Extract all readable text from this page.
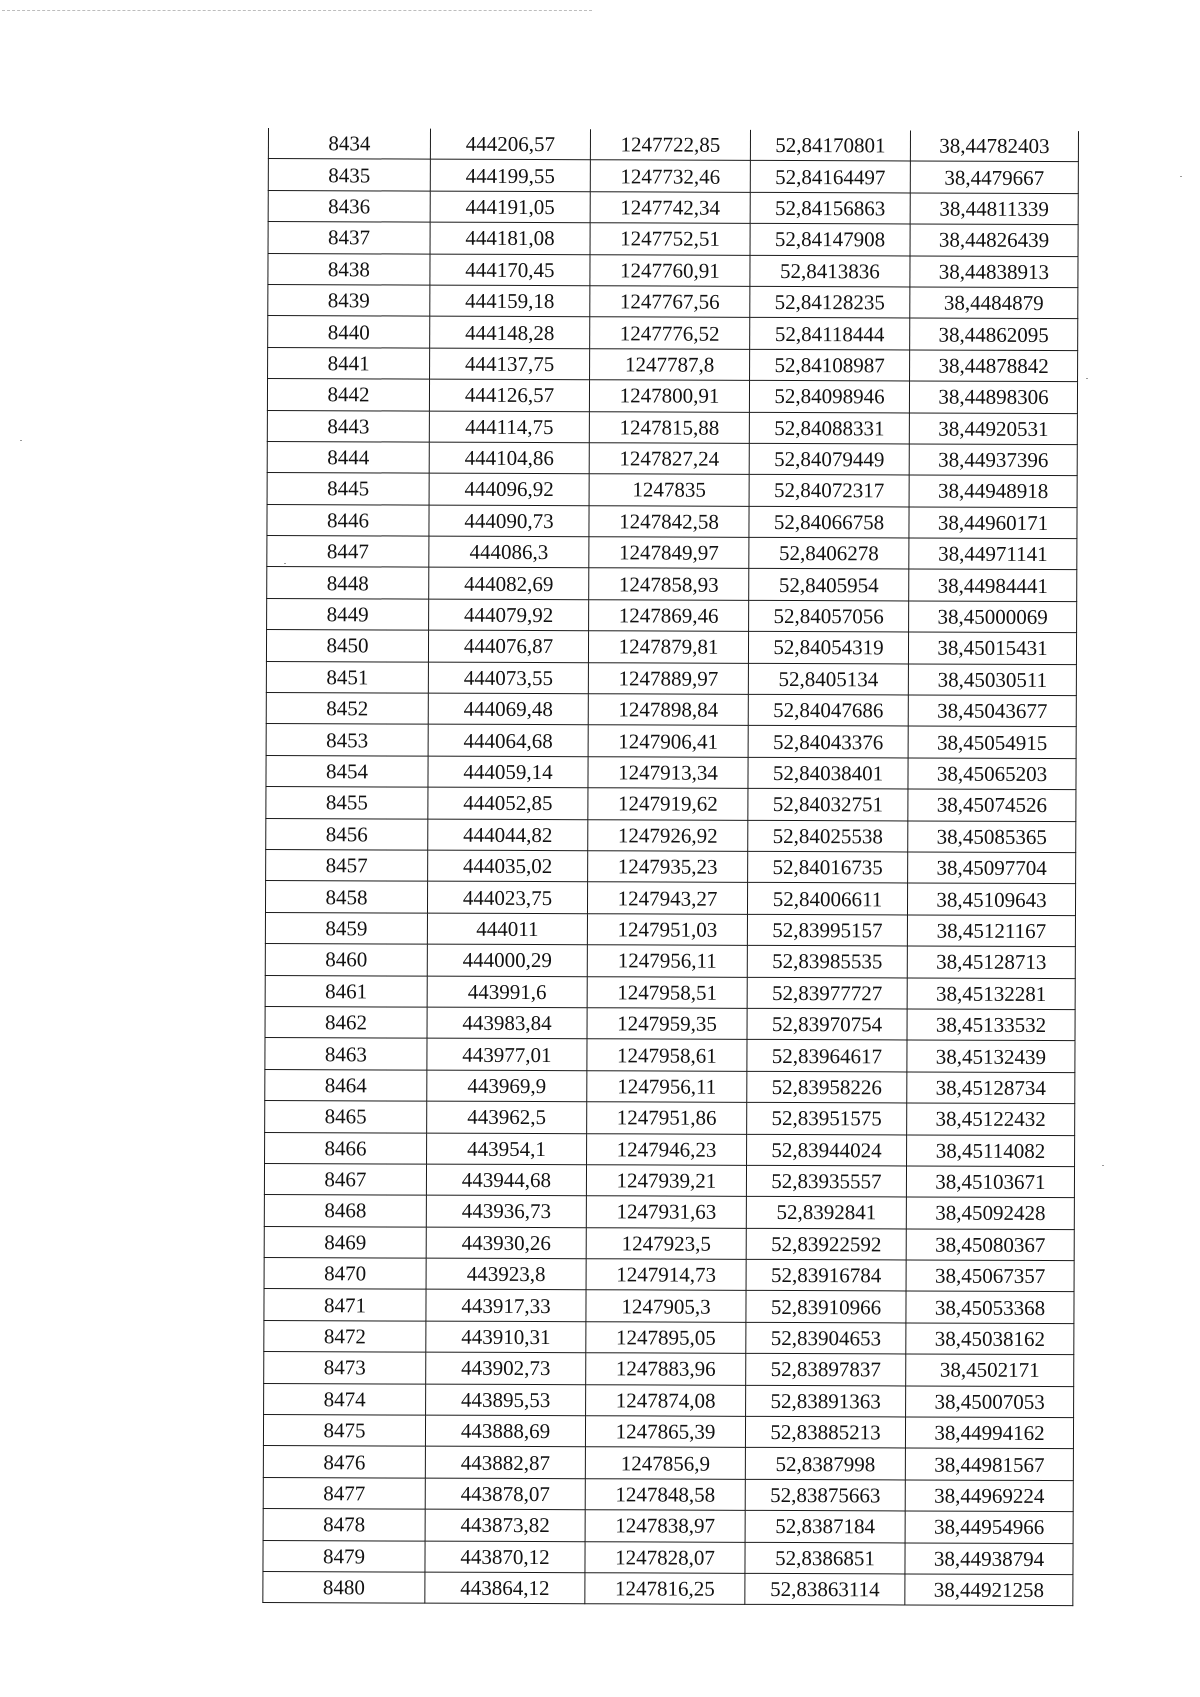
8434	444206,57	1247722,85	52,84170801	38,44782403
8435	444199,55	1247732,46	52,84164497	38,4479667
8436	444191,05	1247742,34	52,84156863	38,44811339
8437	444181,08	1247752,51	52,84147908	38,44826439
8438	444170,45	1247760,91	52,8413836	38,44838913
8439	444159,18	1247767,56	52,84128235	38,4484879
8440	444148,28	1247776,52	52,84118444	38,44862095
8441	444137,75	1247787,8	52,84108987	38,44878842
8442	444126,57	1247800,91	52,84098946	38,44898306
8443	444114,75	1247815,88	52,84088331	38,44920531
8444	444104,86	1247827,24	52,84079449	38,44937396
8445	444096,92	1247835	52,84072317	38,44948918
8446	444090,73	1247842,58	52,84066758	38,44960171
8447	444086,3	1247849,97	52,8406278	38,44971141
8448	444082,69	1247858,93	52,8405954	38,44984441
8449	444079,92	1247869,46	52,84057056	38,45000069
8450	444076,87	1247879,81	52,84054319	38,45015431
8451	444073,55	1247889,97	52,8405134	38,45030511
8452	444069,48	1247898,84	52,84047686	38,45043677
8453	444064,68	1247906,41	52,84043376	38,45054915
8454	444059,14	1247913,34	52,84038401	38,45065203
8455	444052,85	1247919,62	52,84032751	38,45074526
8456	444044,82	1247926,92	52,84025538	38,45085365
8457	444035,02	1247935,23	52,84016735	38,45097704
8458	444023,75	1247943,27	52,84006611	38,45109643
8459	444011	1247951,03	52,83995157	38,45121167
8460	444000,29	1247956,11	52,83985535	38,45128713
8461	443991,6	1247958,51	52,83977727	38,45132281
8462	443983,84	1247959,35	52,83970754	38,45133532
8463	443977,01	1247958,61	52,83964617	38,45132439
8464	443969,9	1247956,11	52,83958226	38,45128734
8465	443962,5	1247951,86	52,83951575	38,45122432
8466	443954,1	1247946,23	52,83944024	38,45114082
8467	443944,68	1247939,21	52,83935557	38,45103671
8468	443936,73	1247931,63	52,8392841	38,45092428
8469	443930,26	1247923,5	52,83922592	38,45080367
8470	443923,8	1247914,73	52,83916784	38,45067357
8471	443917,33	1247905,3	52,83910966	38,45053368
8472	443910,31	1247895,05	52,83904653	38,45038162
8473	443902,73	1247883,96	52,83897837	38,4502171
8474	443895,53	1247874,08	52,83891363	38,45007053
8475	443888,69	1247865,39	52,83885213	38,44994162
8476	443882,87	1247856,9	52,8387998	38,44981567
8477	443878,07	1247848,58	52,83875663	38,44969224
8478	443873,82	1247838,97	52,8387184	38,44954966
8479	443870,12	1247828,07	52,8386851	38,44938794
8480	443864,12	1247816,25	52,83863114	38,44921258
